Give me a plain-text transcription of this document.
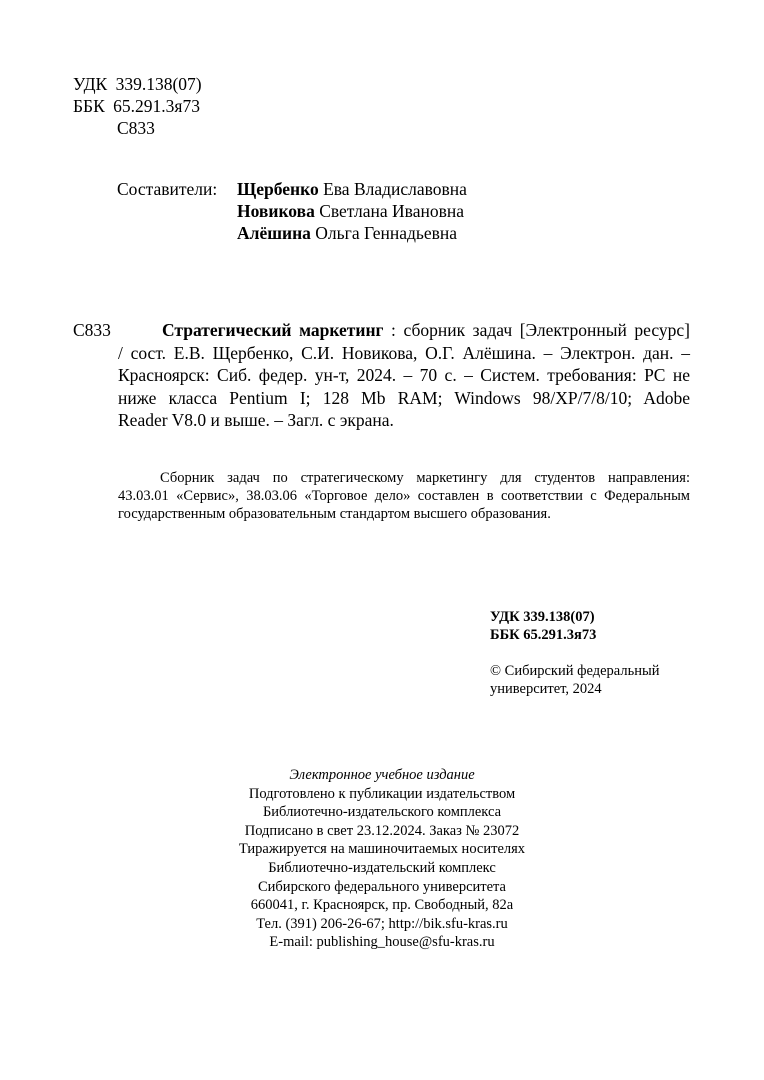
УДК 339.138(07)
ББК 65.291.3я73
С833
Составители: Щербенко Ева Владиславовна
Новикова Светлана Ивановна
Алёшина Ольга Геннадьевна
С833	Стратегический маркетинг : сборник задач [Электронный ресурс]
/ сост. Е.В. Щербенко, С.И. Новикова, О.Г. Алёшина. – Электрон. дан. –
Красноярск: Сиб. федер. ун-т, 2024. – 70 с. – Систем. требования: PC не
ниже класса Pentium I; 128 Mb RAM; Windows 98/XP/7/8/10; Adobe
Reader V8.0 и выше. – Загл. с экрана.
Сборник задач по стратегическому маркетингу для студентов направления:
43.03.01 «Сервис», 38.03.06 «Торговое дело» составлен в соответствии с Федеральным
государственным образовательным стандартом высшего образования.
УДК 339.138(07)
ББК 65.291.3я73
© Сибирский федеральный
университет, 2024
Электронное учебное издание
Подготовлено к публикации издательством
Библиотечно-издательского комплекса
Подписано в свет 23.12.2024. Заказ № 23072
Тиражируется на машиночитаемых носителях
Библиотечно-издательский комплекс
Сибирского федерального университета
660041, г. Красноярск, пр. Свободный, 82а
Тел. (391) 206-26-67; http://bik.sfu-kras.ru
E-mail: publishing_house@sfu-kras.ru
